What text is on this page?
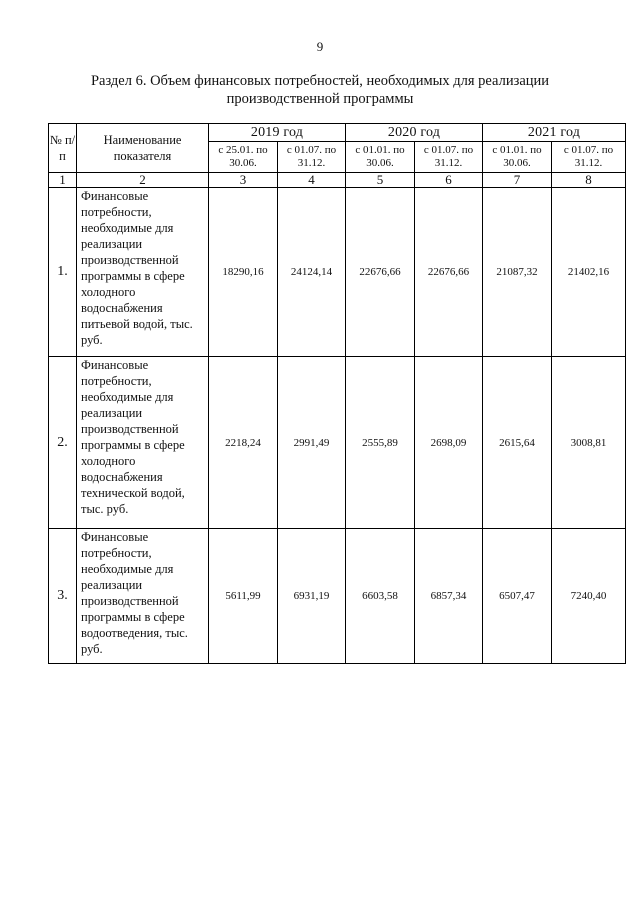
9
Раздел 6. Объем финансовых потребностей, необходимых для реализации
производственной программы
№ п/п	Наименование показателя	2019 год		2020 год		2021 год	
		с 25.01. по 30.06.	с 01.07. по 31.12.	с 01.01. по 30.06.	с 01.07. по 31.12.	с 01.01. по 30.06.	с 01.07. по 31.12.
1	2	3	4	5	6	7	8
1.	Финансовые потребности, необходимые для реализации производственной программы в сфере холодного водоснабжения питьевой водой, тыс. руб.	18290,16	24124,14	22676,66	22676,66	21087,32	21402,16
2.	Финансовые потребности, необходимые для реализации производственной программы в сфере холодного водоснабжения технической водой, тыс. руб.	2218,24	2991,49	2555,89	2698,09	2615,64	3008,81
3.	Финансовые потребности, необходимые для реализации производственной программы в сфере водоотведения, тыс. руб.	5611,99	6931,19	6603,58	6857,34	6507,47	7240,40
